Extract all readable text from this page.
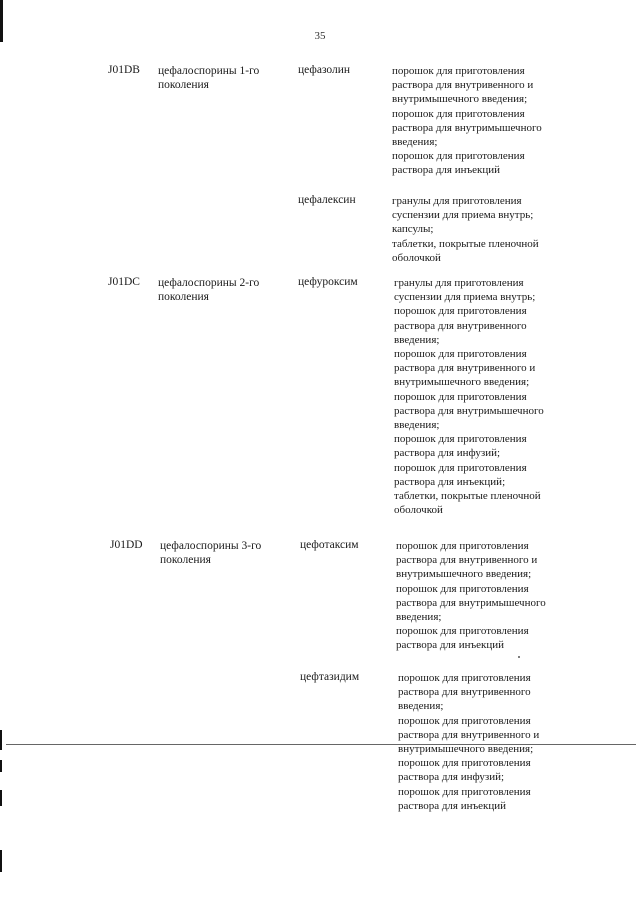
35
J01DB цефалоспорины 1-го поколения
цефазолин	порошок для приготовления
раствора для внутривенного и
внутримышечного введения;
порошок для приготовления
раствора для внутримышечного
введения;
порошок для приготовления
раствора для инъекций
цефалексин	гранулы для приготовления
суспензии для приема внутрь;
капсулы;
таблетки, покрытые пленочной
оболочкой
J01DC цефалоспорины 2-го поколения
цефуроксим	гранулы для приготовления
суспензии для приема внутрь;
порошок для приготовления
раствора для внутривенного
введения;
порошок для приготовления
раствора для внутривенного и
внутримышечного введения;
порошок для приготовления
раствора для внутримышечного
введения;
порошок для приготовления
раствора для инфузий;
порошок для приготовления
раствора для инъекций;
таблетки, покрытые пленочной
оболочкой
J01DD цефалоспорины 3-го поколения
цефотаксим	порошок для приготовления
раствора для внутривенного и
внутримышечного введения;
порошок для приготовления
раствора для внутримышечного
введения;
порошок для приготовления
раствора для инъекций
цефтазидим	порошок для приготовления
раствора для внутривенного
введения;
порошок для приготовления
раствора для внутривенного и
внутримышечного введения;
порошок для приготовления
раствора для инфузий;
порошок для приготовления
раствора для инъекций
